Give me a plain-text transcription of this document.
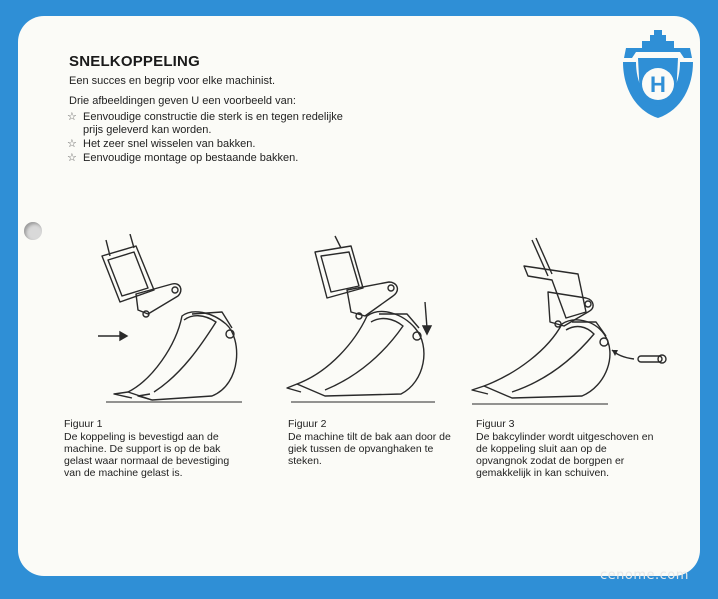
SNELKOPPELING
Een succes en begrip voor elke machinist.
Drie afbeeldingen geven U een voorbeeld van:
☆ Eenvoudige constructie die sterk is en tegen redelijke prijs geleverd kan worden.
☆ Het zeer snel wisselen van bakken.
☆ Eenvoudige montage op bestaande bakken.
H
Figuur 1
De koppeling is bevestigd aan de machine. De support is op de bak gelast waar normaal de bevestiging van de machine gelast is.
Figuur 2
De machine tilt de bak aan door de giek tussen de opvanghaken te steken.
Figuur 3
De bakcylinder wordt uitgeschoven en de koppeling sluit aan op de opvangnok zodat de borgpen er gemakkelijk in kan schuiven.
cenome.com
